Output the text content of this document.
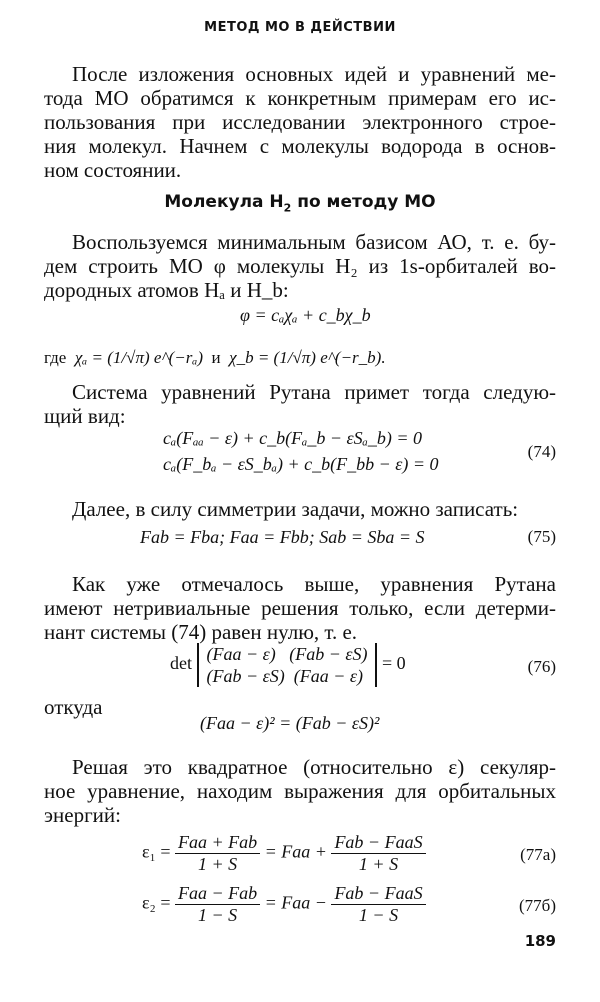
МЕТОД МО В ДЕЙСТВИИ
После изложения основных идей и уравнений ме-
тода МО обратимся к конкретным примерам его ис-
пользования при исследовании электронного строе-
ния молекул. Начнем с молекулы водорода в основ-
ном состоянии.
Молекула $H_2$ по методу МО
Воспользуемся минимальным базисом АО, т. е. бу-
дем строить МО φ молекулы H₂ из 1s-орбиталей во-
дородных атомов Hₐ и H_b:
φ = cₐχₐ + c_bχ_b
где χₐ = (1/√π) e^(−rₐ) и χ_b = (1/√π) e^(−r_b).
Система уравнений Рутана примет тогда следую-
щий вид:
cₐ(Fₐₐ − ε) + c_b(Fₐ_b − εSₐ_b) = 0
cₐ(F_bₐ − εS_bₐ) + c_b(F_bb − ε) = 0
(74)
Далее, в силу симметрии задачи, можно записать:
Fab = Fba; Faa = Fbb; Sab = Sba = S	(75)
Как уже отмечалось выше, уравнения Рутана
имеют нетривиальные решения только, если детерми-
нант системы (74) равен нулю, т. е.
det (Faa − ε) (Fab − εS)
(Fab − εS) (Faa − ε) = 0	(76)
откуда
(Faa − ε)² = (Fab − εS)²
Решая это квадратное (относительно ε) секуляр-
ное уравнение, находим выражения для орбитальных
энергий:
$\varepsilon_1 = \frac{\text{Faa + Fab}}{1 + S}$ = Faa + $\frac{\text{Fab − FaaS}}{1 + S}$	(77а)
$\varepsilon_2 = \frac{\text{Faa − Fab}}{1 - S}$ = Faa − $\frac{\text{Fab − FaaS}}{1 - S}$	(77б)
189
